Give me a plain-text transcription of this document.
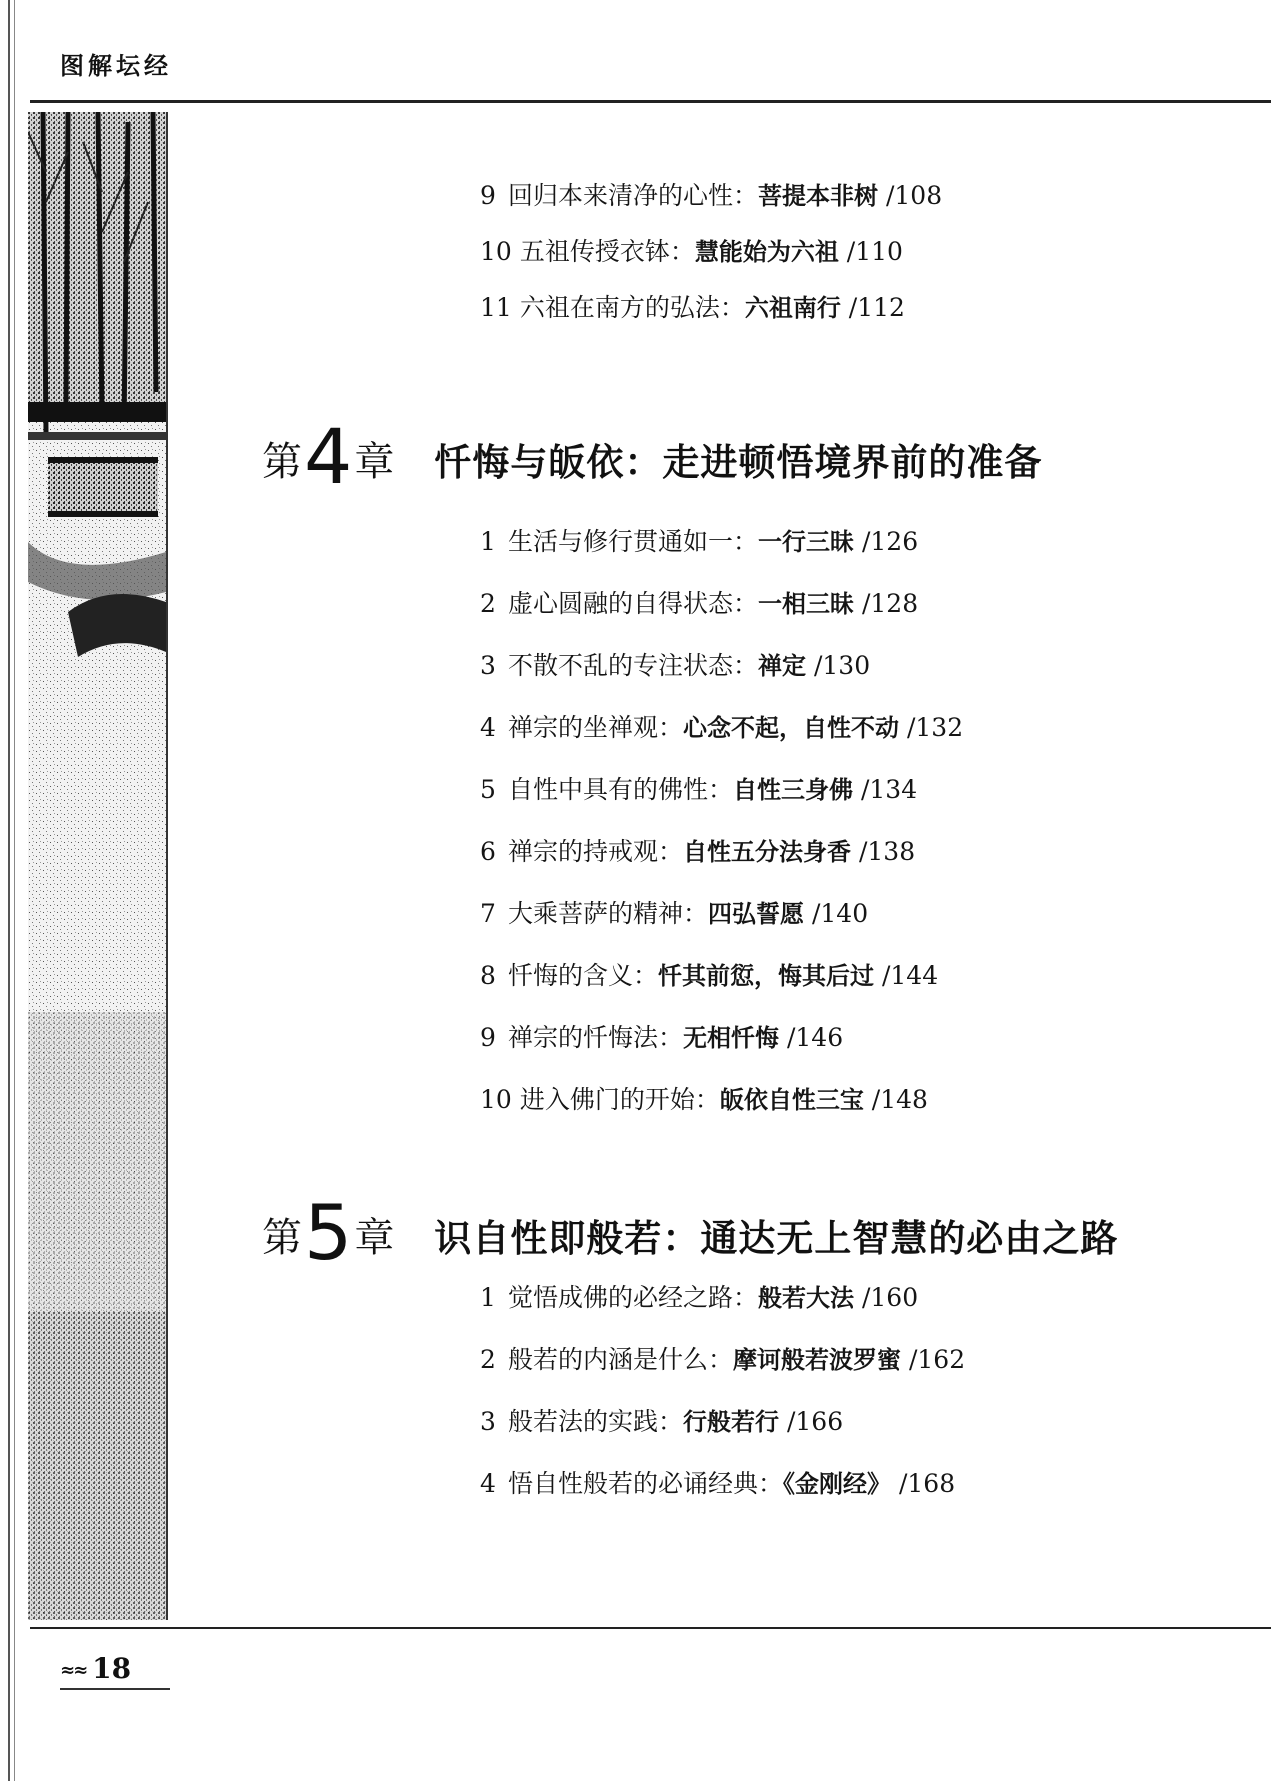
图解坛经
9 回归本来清净的心性：菩提本非树 /108
10 五祖传授衣钵：慧能始为六祖 /110
11 六祖在南方的弘法：六祖南行 /112
第4章 忏悔与皈依：走进顿悟境界前的准备
1 生活与修行贯通如一：一行三昧 /126
2 虚心圆融的自得状态：一相三昧 /128
3 不散不乱的专注状态：禅定 /130
4 禅宗的坐禅观：心念不起，自性不动 /132
5 自性中具有的佛性：自性三身佛 /134
6 禅宗的持戒观：自性五分法身香 /138
7 大乘菩萨的精神：四弘誓愿 /140
8 忏悔的含义：忏其前愆，悔其后过 /144
9 禅宗的忏悔法：无相忏悔 /146
10 进入佛门的开始：皈依自性三宝 /148
第5章 识自性即般若：通达无上智慧的必由之路
1 觉悟成佛的必经之路：般若大法 /160
2 般若的内涵是什么：摩诃般若波罗蜜 /162
3 般若法的实践：行般若行 /166
4 悟自性般若的必诵经典：《金刚经》 /168
≈≈ 18
